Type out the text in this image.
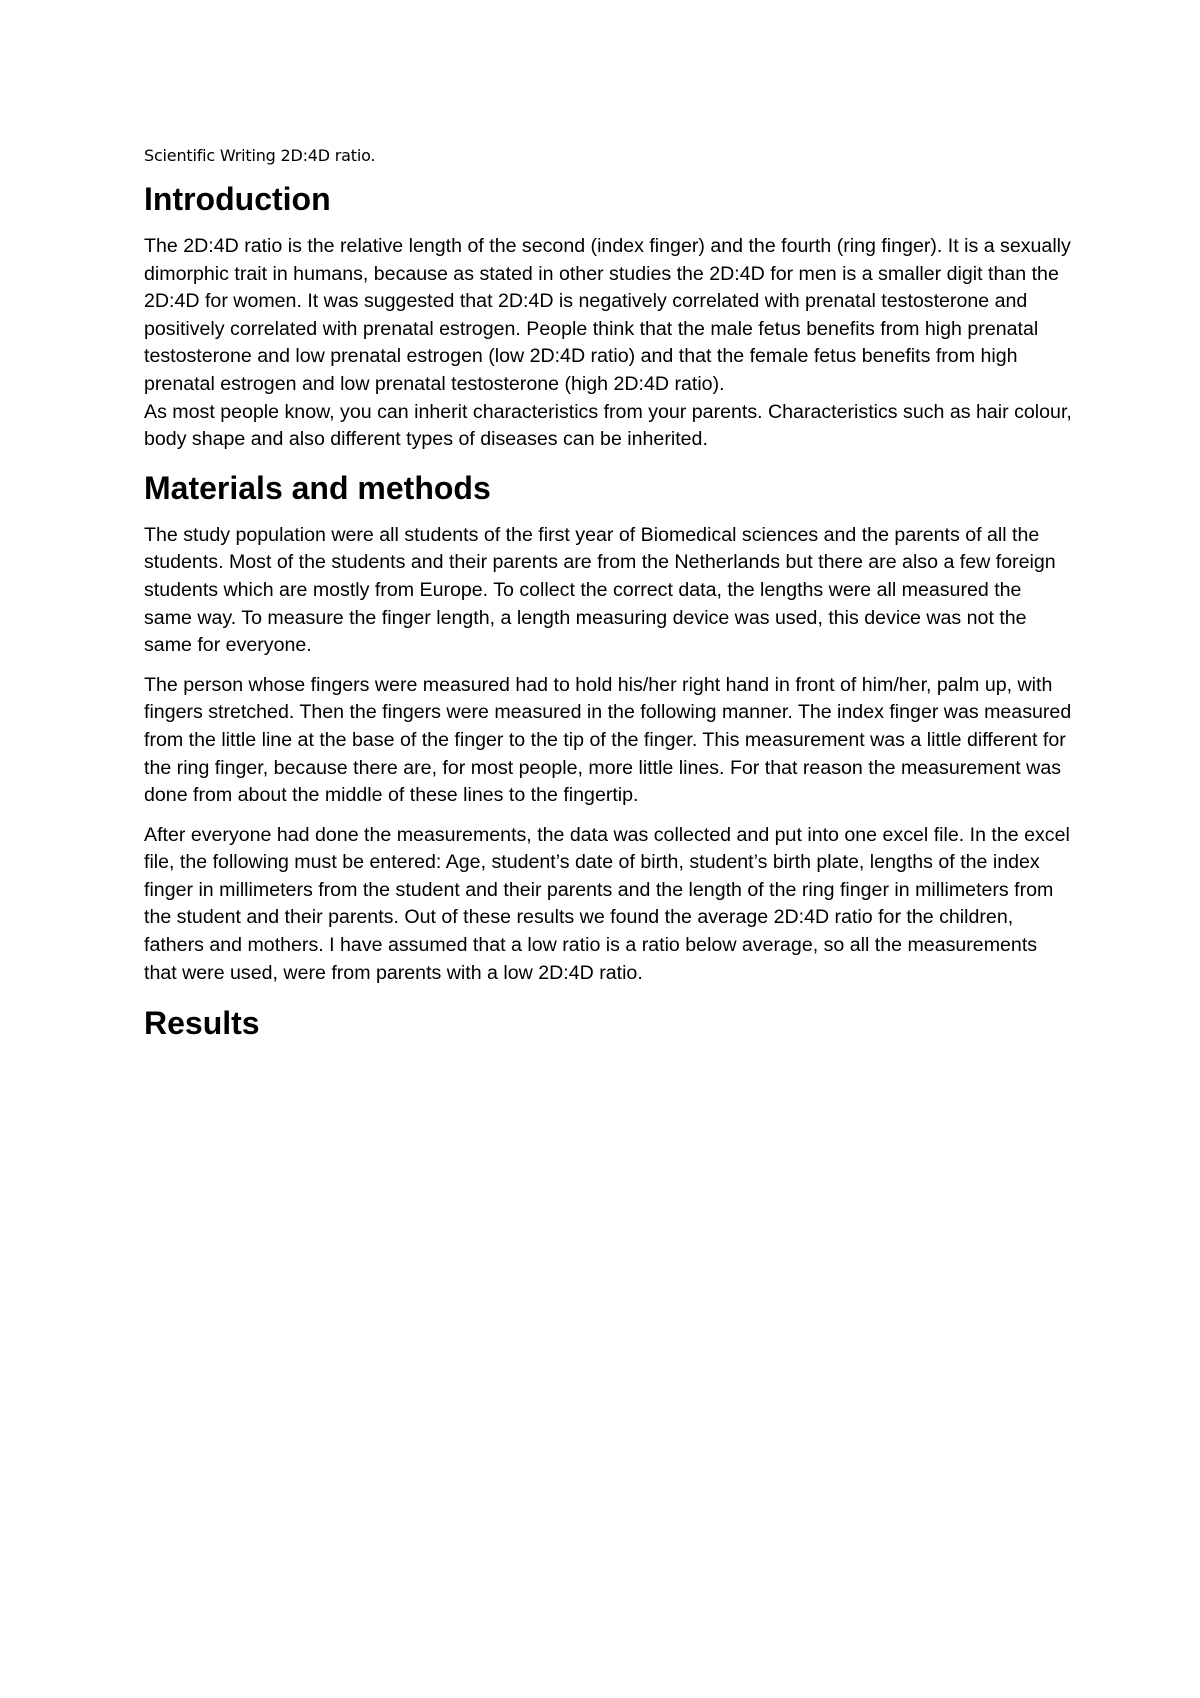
Scientific Writing 2D:4D ratio.

Introduction

The 2D:4D ratio is the relative length of the second (index finger) and the fourth (ring finger). It is a sexually dimorphic trait in humans, because as stated in other studies the 2D:4D for men is a smaller digit than the 2D:4D for women. It was suggested that 2D:4D is negatively correlated with prenatal testosterone and positively correlated with prenatal estrogen. People think that the male fetus benefits from high prenatal testosterone and low prenatal estrogen (low 2D:4D ratio) and that the female fetus benefits from high prenatal estrogen and low prenatal testosterone (high 2D:4D ratio).

As most people know, you can inherit characteristics from your parents. Characteristics such as hair colour, body shape and also different types of diseases can be inherited.

Materials and methods

The study population were all students of the first year of Biomedical sciences and the parents of all the students. Most of the students and their parents are from the Netherlands but there are also a few foreign students which are mostly from Europe. To collect the correct data, the lengths were all measured the same way. To measure the finger length, a length measuring device was used, this device was not the same for everyone.

The person whose fingers were measured had to hold his/her right hand in front of him/her, palm up, with fingers stretched. Then the fingers were measured in the following manner. The index finger was measured from the little line at the base of the finger to the tip of the finger. This measurement was a little different for the ring finger, because there are, for most people, more little lines. For that reason the measurement was done from about the middle of these lines to the fingertip.

After everyone had done the measurements, the data was collected and put into one excel file. In the excel file, the following must be entered: Age, student’s date of birth, student’s birth plate, lengths of the index finger in millimeters from the student and their parents and the length of the ring finger in millimeters from the student and their parents. Out of these results we found the average 2D:4D ratio for the children, fathers and mothers. I have assumed that a low ratio is a ratio below average, so all the measurements that were used, were from parents with a low 2D:4D ratio.

Results
